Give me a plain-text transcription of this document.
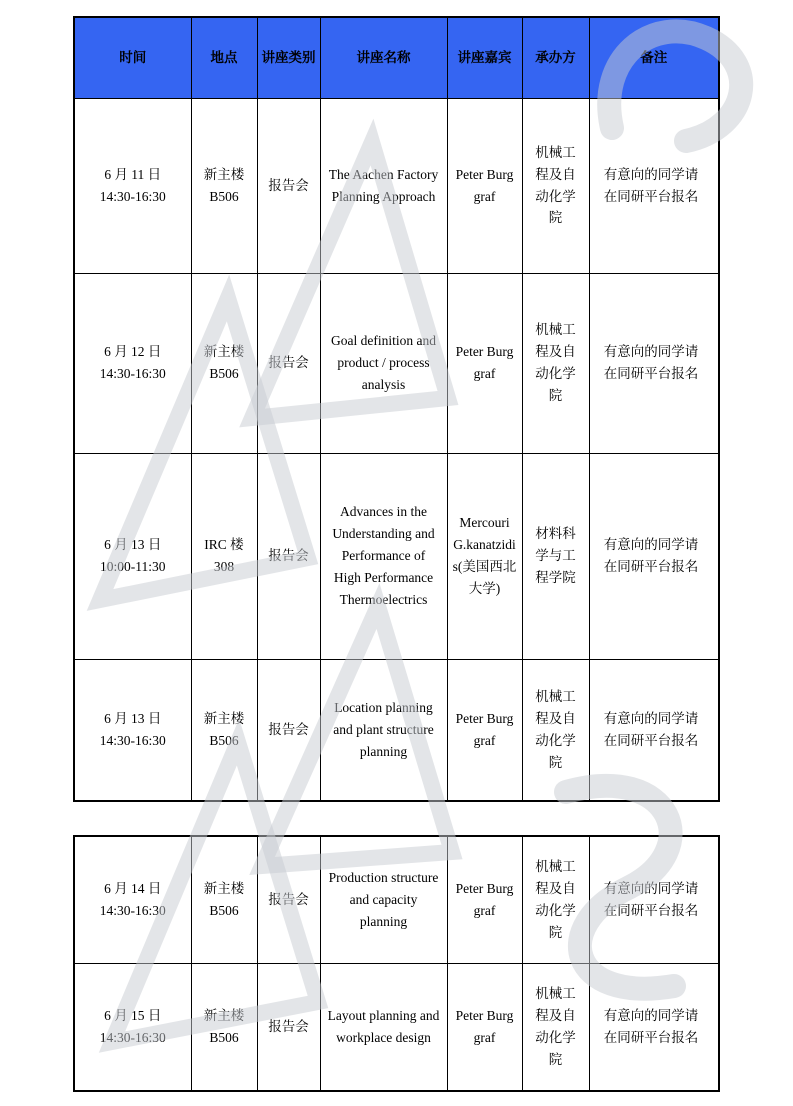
时间	地点	讲座类别	讲座名称	讲座嘉宾	承办方	备注
6 月 11 日
14:30-16:30	新主楼 B506	报告会	The Aachen Factory Planning Approach	Peter Burggraf	机械工程及自动化学院	有意向的同学请在同研平台报名
6 月 12 日
14:30-16:30	新主楼 B506	报告会	Goal definition and product / process analysis	Peter Burggraf	机械工程及自动化学院	有意向的同学请在同研平台报名
6 月 13 日
10:00-11:30	IRC 楼 308	报告会	Advances in the Understanding and Performance of High Performance Thermoelectrics	Mercouri G.kanatzidis(美国西北大学)	材料科学与工程学院	有意向的同学请在同研平台报名
6 月 13 日
14:30-16:30	新主楼 B506	报告会	Location planning and plant structure planning	Peter Burggraf	机械工程及自动化学院	有意向的同学请在同研平台报名
6 月 14 日
14:30-16:30	新主楼 B506	报告会	Production structure and capacity planning	Peter Burggraf	机械工程及自动化学院	有意向的同学请在同研平台报名
6 月 15 日
14:30-16:30	新主楼 B506	报告会	Layout planning and workplace design	Peter Burggraf	机械工程及自动化学院	有意向的同学请在同研平台报名
